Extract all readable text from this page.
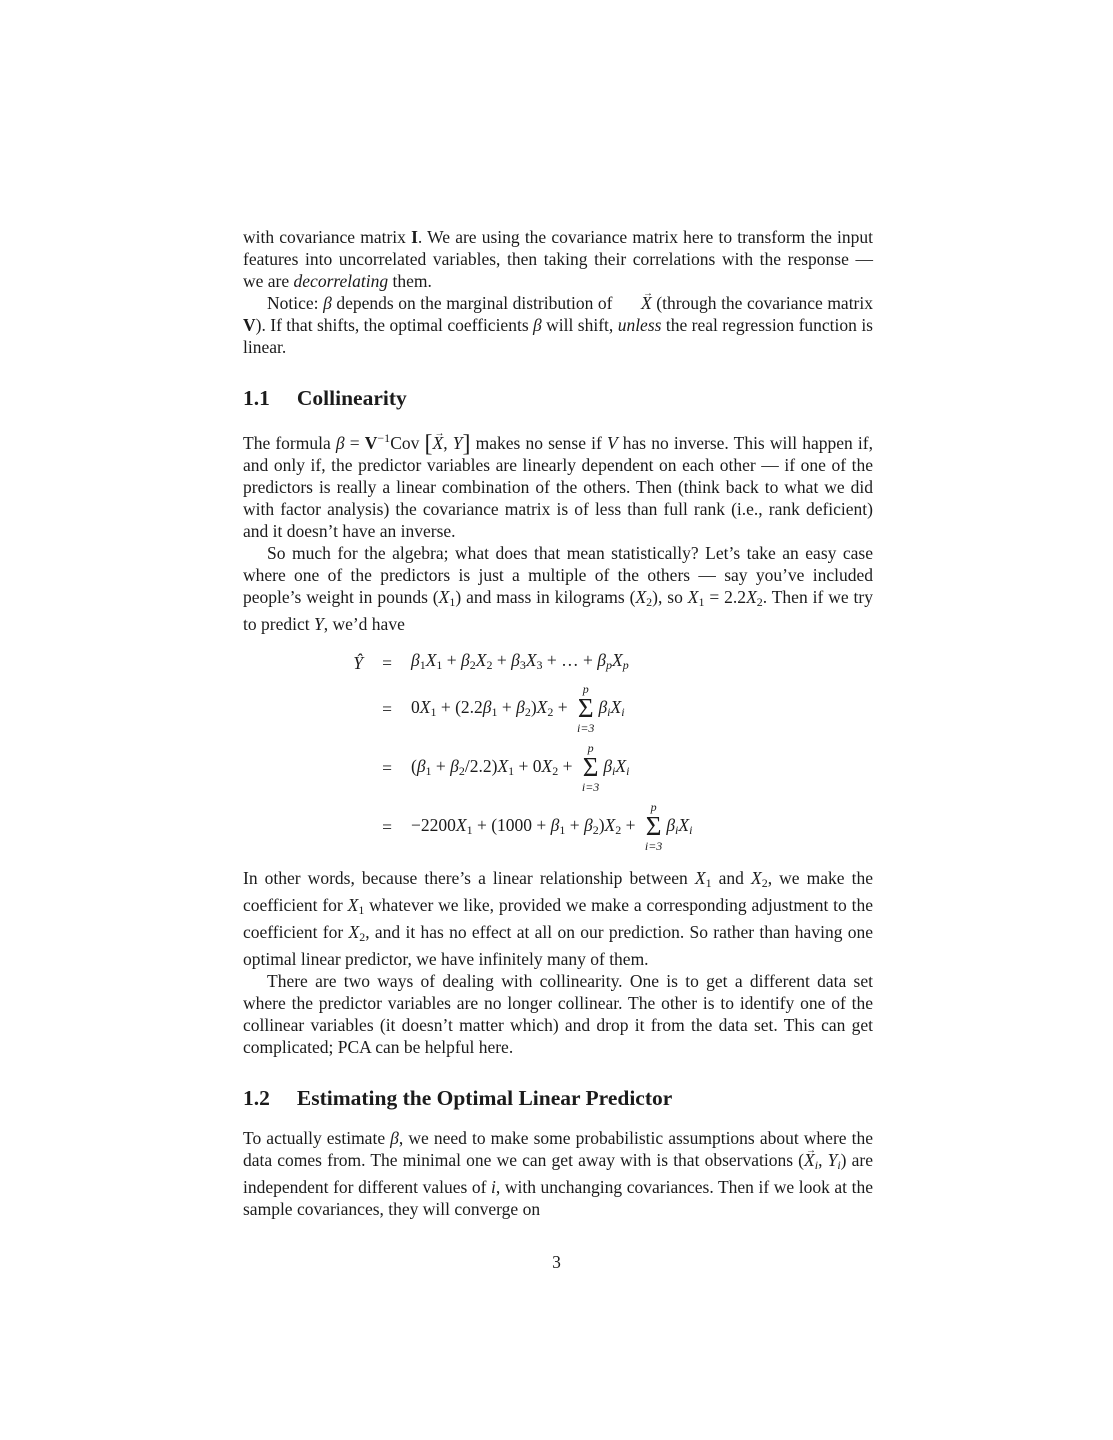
with covariance matrix I. We are using the covariance matrix here to transform the input features into uncorrelated variables, then taking their correlations with the response — we are decorrelating them.

Notice: β depends on the marginal distribution of X → (through the covariance matrix V). If that shifts, the optimal coefficients β will shift, unless the real regression function is linear.

1.1 Collinearity

The formula $\beta = V^{-1}Cov$ [X →, Y] makes no sense if V has no inverse. This will happen if, and only if, the predictor variables are linearly dependent on each other — if one of the predictors is really a linear combination of the others. Then (think back to what we did with factor analysis) the covariance matrix is of less than full rank (i.e., rank deficient) and it doesn’t have an inverse.

So much for the algebra; what does that mean statistically? Let’s take an easy case where one of the predictors is just a multiple of the others — say you’ve included people’s weight in pounds (X1) and mass in kilograms (X2), so X1 = 2.2X2. Then if we try to predict Y, we’d have

Ŷ	=	β1X1 + β2X2 + β3X3 + … + βpXp
=	0X1 + (2.2β1 + β2)X2 +
p
Σ
i=3
βiXi
=	(β1 + β2/2.2)X1 + 0X2 +
p
Σ
i=3
βiXi
=	−2200X1 + (1000 + β1 + β2)X2 +
p
Σ
i=3
βiXi

In other words, because there’s a linear relationship between X1 and X2, we make the coefficient for X1 whatever we like, provided we make a corresponding adjustment to the coefficient for X2, and it has no effect at all on our prediction. So rather than having one optimal linear predictor, we have infinitely many of them.

There are two ways of dealing with collinearity. One is to get a different data set where the predictor variables are no longer collinear. The other is to identify one of the collinear variables (it doesn’t matter which) and drop it from the data set. This can get complicated; PCA can be helpful here.

1.2 Estimating the Optimal Linear Predictor

To actually estimate β, we need to make some probabilistic assumptions about where the data comes from. The minimal one we can get away with is that observations (X →i, Yi) are independent for different values of i, with unchanging covariances. Then if we look at the sample covariances, they will converge on

3
